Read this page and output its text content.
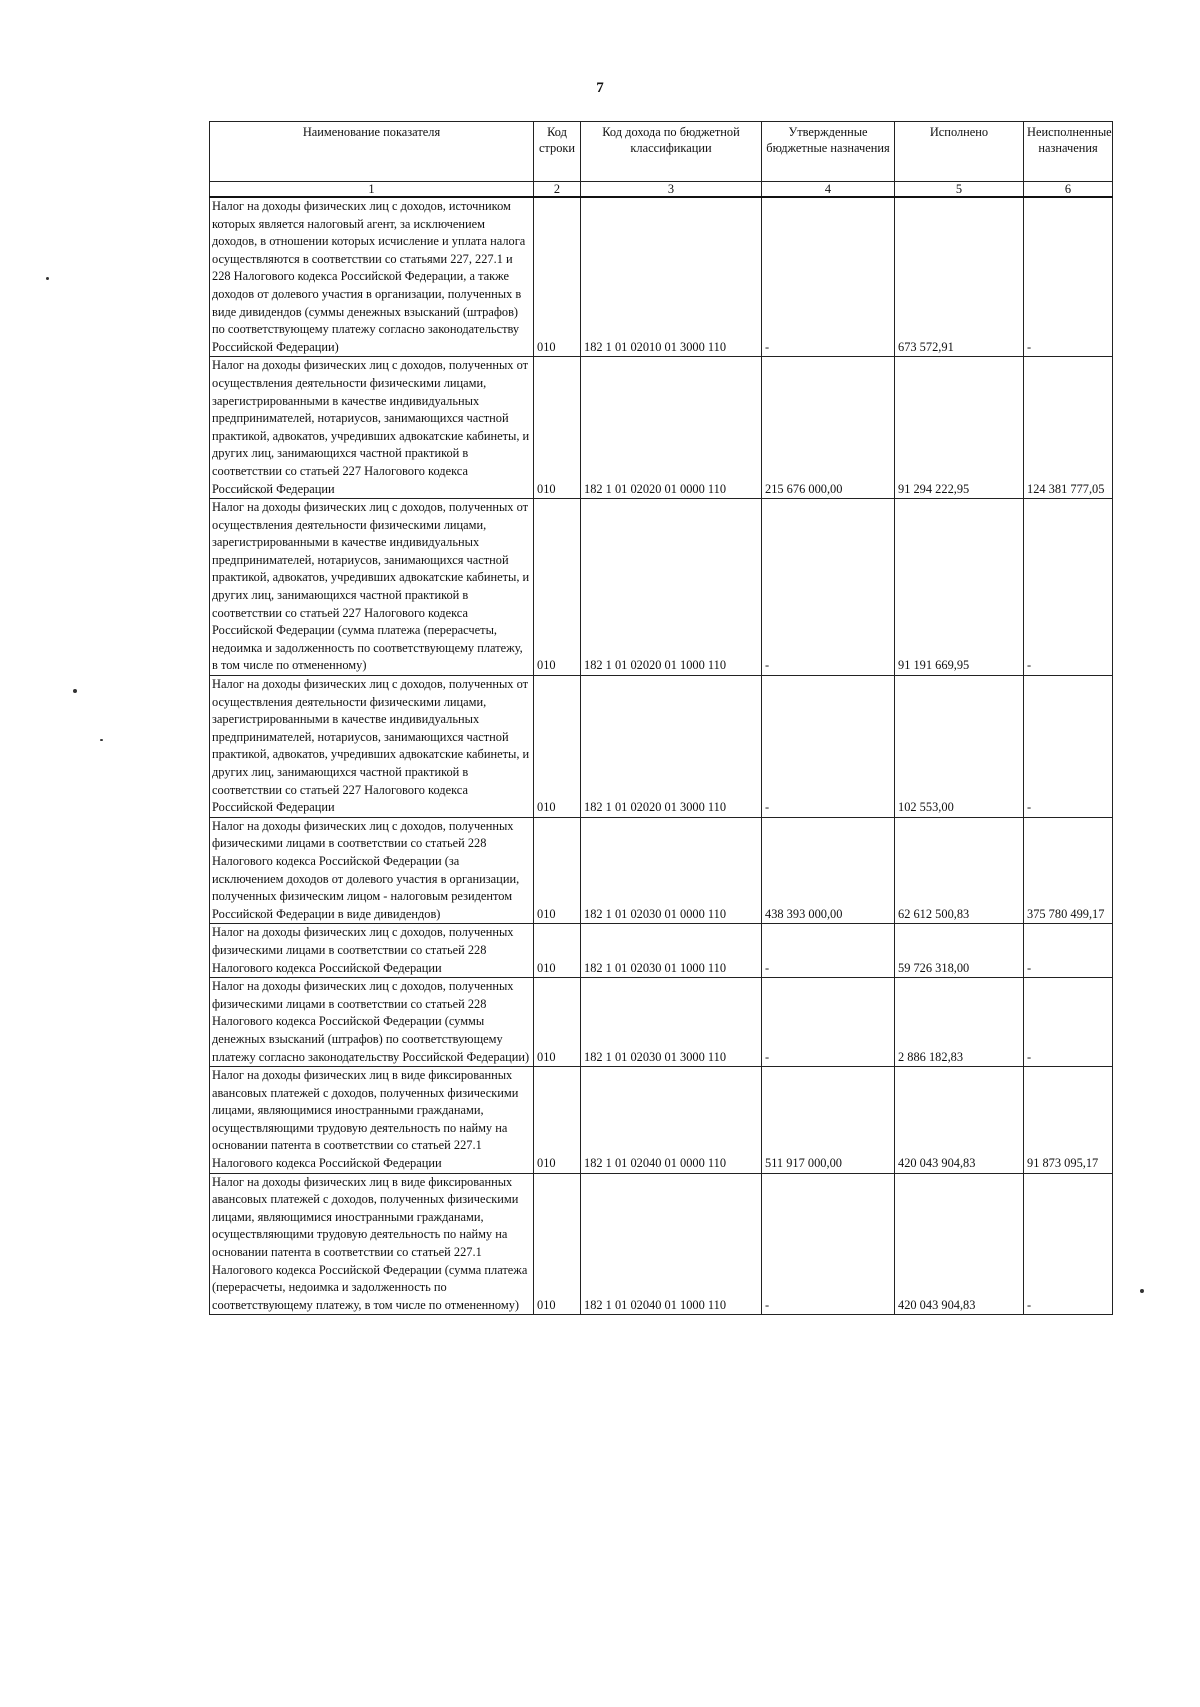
7
Наименование показателя	Код строки	Код дохода по бюджетной классификации	Утвержденные бюджетные назначения	Исполнено	Неисполненные назначения
1	2	3	4	5	6
Налог на доходы физических лиц с доходов, источником которых является налоговый агент, за исключением доходов, в отношении которых исчисление и уплата налога осуществляются в соответствии со статьями 227, 227.1 и 228 Налогового кодекса Российской Федерации, а также доходов от долевого участия в организации, полученных в виде дивидендов (суммы денежных взысканий (штрафов) по соответствующему платежу согласно законодательству Российской Федерации)	010	182 1 01 02010 01 3000 110	-	673 572,91	-
Налог на доходы физических лиц с доходов, полученных от осуществления деятельности физическими лицами, зарегистрированными в качестве индивидуальных предпринимателей, нотариусов, занимающихся частной практикой, адвокатов, учредивших адвокатские кабинеты, и других лиц, занимающихся частной практикой в соответствии со статьей 227 Налогового кодекса Российской Федерации	010	182 1 01 02020 01 0000 110	215 676 000,00	91 294 222,95	124 381 777,05
Налог на доходы физических лиц с доходов, полученных от осуществления деятельности физическими лицами, зарегистрированными в качестве индивидуальных предпринимателей, нотариусов, занимающихся частной практикой, адвокатов, учредивших адвокатские кабинеты, и других лиц, занимающихся частной практикой в соответствии со статьей 227 Налогового кодекса Российской Федерации (сумма платежа (перерасчеты, недоимка и задолженность по соответствующему платежу, в том числе по отмененному)	010	182 1 01 02020 01 1000 110	-	91 191 669,95	-
Налог на доходы физических лиц с доходов, полученных от осуществления деятельности физическими лицами, зарегистрированными в качестве индивидуальных предпринимателей, нотариусов, занимающихся частной практикой, адвокатов, учредивших адвокатские кабинеты, и других лиц, занимающихся частной практикой в соответствии со статьей 227 Налогового кодекса Российской Федерации	010	182 1 01 02020 01 3000 110	-	102 553,00	-
Налог на доходы физических лиц с доходов, полученных физическими лицами в соответствии со статьей 228 Налогового кодекса Российской Федерации (за исключением доходов от долевого участия в организации, полученных физическим лицом - налоговым резидентом Российской Федерации в виде дивидендов)	010	182 1 01 02030 01 0000 110	438 393 000,00	62 612 500,83	375 780 499,17
Налог на доходы физических лиц с доходов, полученных физическими лицами в соответствии со статьей 228 Налогового кодекса Российской Федерации	010	182 1 01 02030 01 1000 110	-	59 726 318,00	-
Налог на доходы физических лиц с доходов, полученных физическими лицами в соответствии со статьей 228 Налогового кодекса Российской Федерации (суммы денежных взысканий (штрафов) по соответствующему платежу согласно законодательству Российской Федерации)	010	182 1 01 02030 01 3000 110	-	2 886 182,83	-
Налог на доходы физических лиц в виде фиксированных авансовых платежей с доходов, полученных физическими лицами, являющимися иностранными гражданами, осуществляющими трудовую деятельность по найму на основании патента в соответствии со статьей 227.1 Налогового кодекса Российской Федерации	010	182 1 01 02040 01 0000 110	511 917 000,00	420 043 904,83	91 873 095,17
Налог на доходы физических лиц в виде фиксированных авансовых платежей с доходов, полученных физическими лицами, являющимися иностранными гражданами, осуществляющими трудовую деятельность по найму на основании патента в соответствии со статьей 227.1 Налогового кодекса Российской Федерации (сумма платежа (перерасчеты, недоимка и задолженность по соответствующему платежу, в том числе по отмененному)	010	182 1 01 02040 01 1000 110	-	420 043 904,83	-
